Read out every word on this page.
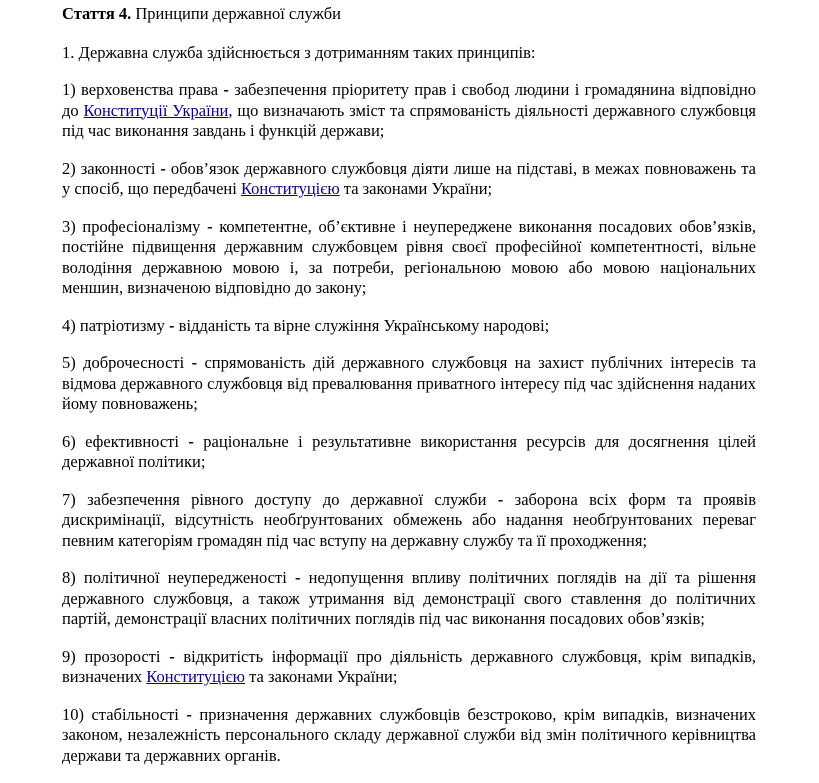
Стаття 4. Принципи державної служби

1. Державна служба здійснюється з дотриманням таких принципів:

1) верховенства права - забезпечення пріоритету прав і свобод людини і громадянина відповідно до Конституції України, що визначають зміст та спрямованість діяльності державного службовця під час виконання завдань і функцій держави;

2) законності - обов’язок державного службовця діяти лише на підставі, в межах повноважень та у спосіб, що передбачені Конституцією та законами України;

3) професіоналізму - компетентне, об’єктивне і неупереджене виконання посадових обов’язків, постійне підвищення державним службовцем рівня своєї професійної компетентності, вільне володіння державною мовою і, за потреби, регіональною мовою або мовою національних меншин, визначеною відповідно до закону;

4) патріотизму - відданість та вірне служіння Українському народові;

5) доброчесності - спрямованість дій державного службовця на захист публічних інтересів та відмова державного службовця від превалювання приватного інтересу під час здійснення наданих йому повноважень;

6) ефективності - раціональне і результативне використання ресурсів для досягнення цілей державної політики;

7) забезпечення рівного доступу до державної служби - заборона всіх форм та проявів дискримінації, відсутність необґрунтованих обмежень або надання необґрунтованих переваг певним категоріям громадян під час вступу на державну службу та її проходження;

8) політичної неупередженості - недопущення впливу політичних поглядів на дії та рішення державного службовця, а також утримання від демонстрації свого ставлення до політичних партій, демонстрації власних політичних поглядів під час виконання посадових обов’язків;

9) прозорості - відкритість інформації про діяльність державного службовця, крім випадків, визначених Конституцією та законами України;

10) стабільності - призначення державних службовців безстроково, крім випадків, визначених законом, незалежність персонального складу державної служби від змін політичного керівництва держави та державних органів.
